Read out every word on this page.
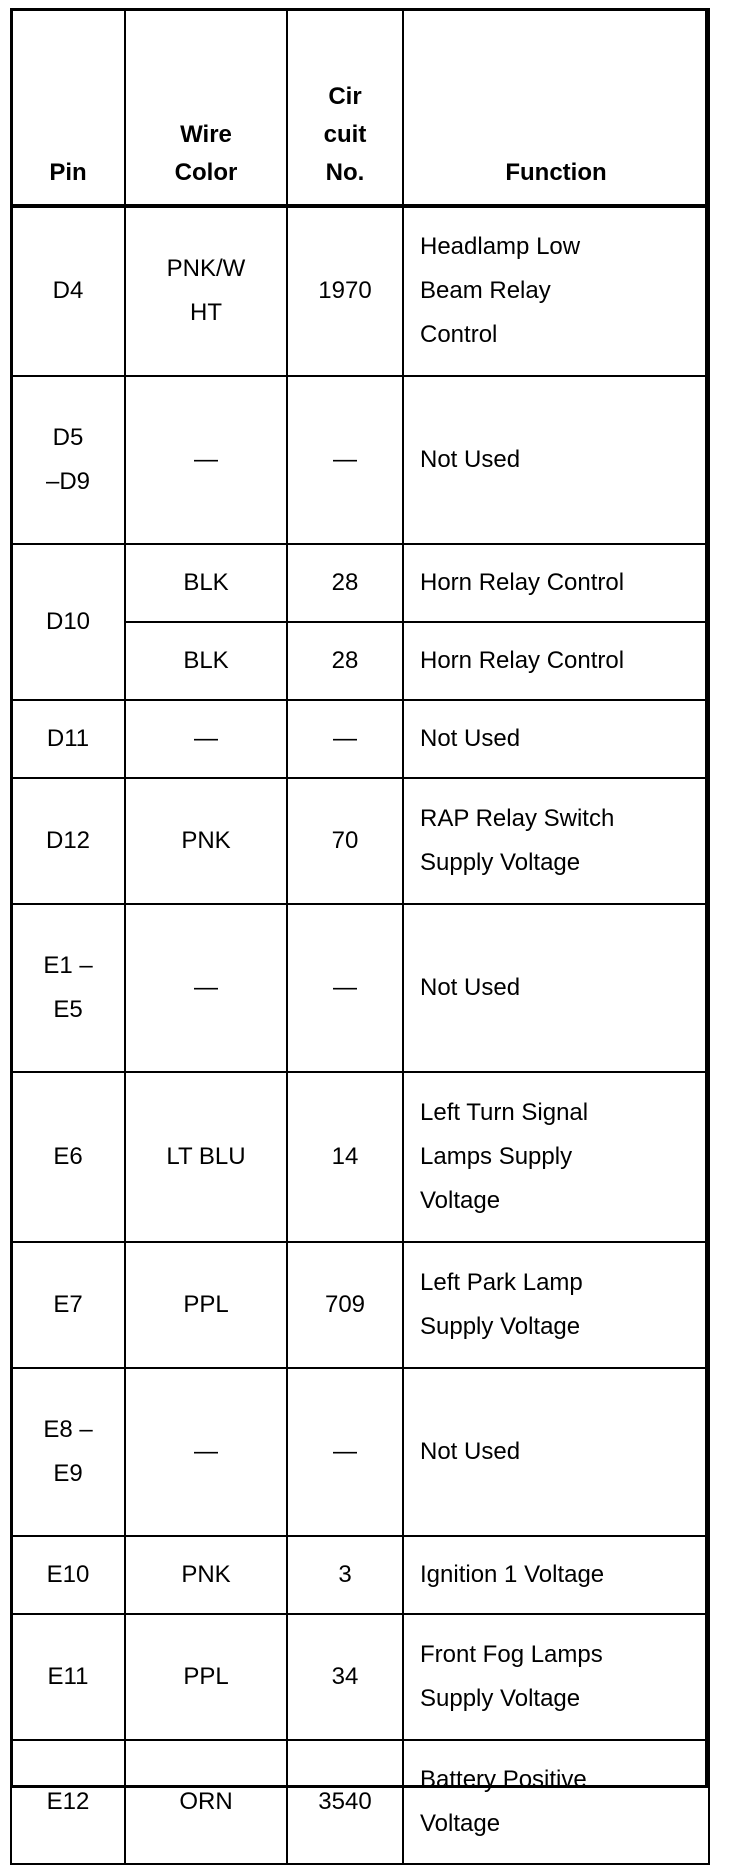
Pin	Wire Color	Cir cuit No.	Function
D4	PNK/W HT	1970	Headlamp Low Beam Relay Control

D5 –D9	—	—	Not Used
D10	BLK	28	Horn Relay Control
	BLK	28	Horn Relay Control
D11	—	—	Not Used
D12	PNK	70	RAP Relay Switch Supply Voltage

E1 –E5	—	—	Not Used
E6	LT BLU	14	Left Turn Signal Lamps Supply Voltage

E7	PPL	709	Left Park Lamp Supply Voltage

E8 –E9	—	—	Not Used
E10	PNK	3	Ignition 1 Voltage
E11	PPL	34	Front Fog Lamps Supply Voltage

E12	ORN	3540	Battery Positive Voltage
